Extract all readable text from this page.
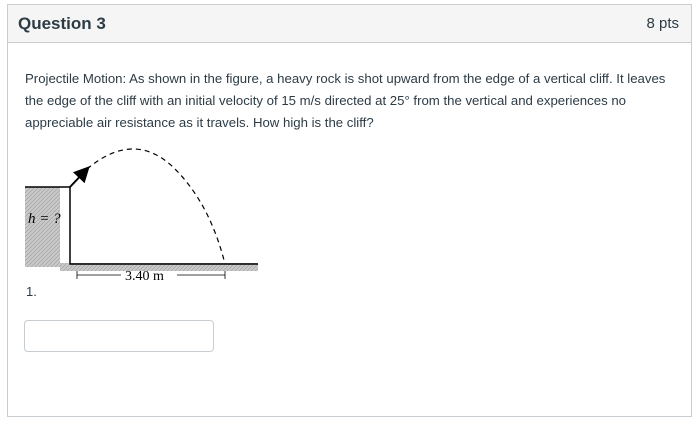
Question 3	8 pts

Projectile Motion: As shown in the figure, a heavy rock is shot upward from the edge of a vertical cliff. It leaves the edge of the cliff with an initial velocity of 15 m/s directed at 25° from the vertical and experiences no appreciable air resistance as it travels. How high is the cliff?

h = ?
3.40 m
1.
